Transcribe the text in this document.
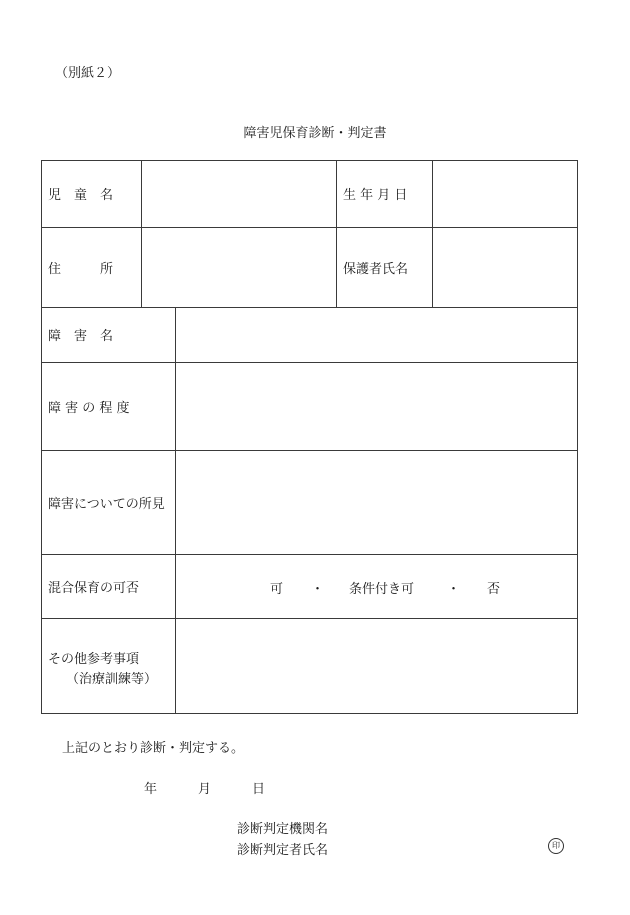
（別紙２）
障害児保育診断・判定書
児　童　名	生 年 月 日
住　　　所	保護者氏名
障　害　名
障 害 の 程 度
障害についての所見
混合保育の可否	可 ・ 条件付き可	・ 否
その他参考事項
（治療訓練等）
上記のとおり診断・判定する。
年	月	日
診断判定機関名
診断判定者氏名	印
